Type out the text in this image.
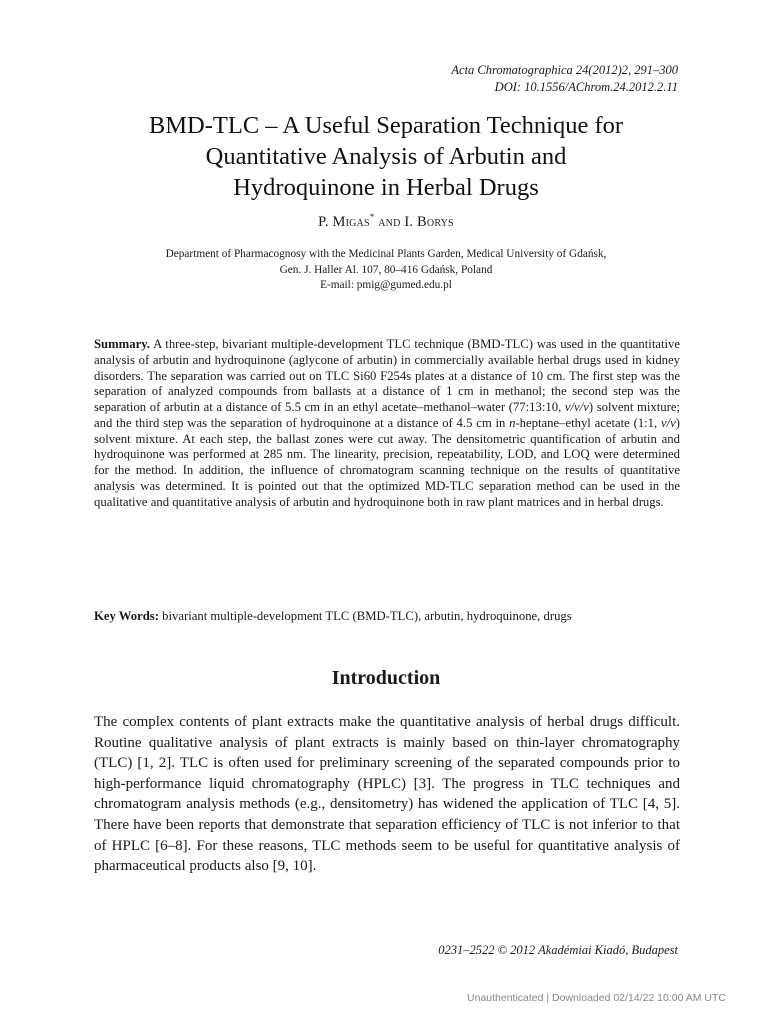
Acta Chromatographica 24(2012)2, 291–300
DOI: 10.1556/AChrom.24.2012.2.11
BMD-TLC – A Useful Separation Technique for
Quantitative Analysis of Arbutin and
Hydroquinone in Herbal Drugs
P. Migas* and I. Borys
Department of Pharmacognosy with the Medicinal Plants Garden, Medical University of Gdańsk,
Gen. J. Haller Al. 107, 80–416 Gdańsk, Poland
E-mail: pmig@gumed.edu.pl
Summary. A three-step, bivariant multiple-development TLC technique (BMD-TLC) was used in the quantitative analysis of arbutin and hydroquinone (aglycone of arbutin) in commercially available herbal drugs used in kidney disorders. The separation was carried out on TLC Si60 F254s plates at a distance of 10 cm. The first step was the separation of analyzed compounds from ballasts at a distance of 1 cm in methanol; the second step was the separation of arbutin at a distance of 5.5 cm in an ethyl acetate–methanol–water (77:13:10, v/v/v) solvent mixture; and the third step was the separation of hydroquinone at a distance of 4.5 cm in n-heptane–ethyl acetate (1:1, v/v) solvent mixture. At each step, the ballast zones were cut away. The densitometric quantification of arbutin and hydroquinone was performed at 285 nm. The linearity, precision, repeatability, LOD, and LOQ were determined for the method. In addition, the influence of chromatogram scanning technique on the results of quantitative analysis was determined. It is pointed out that the optimized MD-TLC separation method can be used in the qualitative and quantitative analysis of arbutin and hydroquinone both in raw plant matrices and in herbal drugs.
Key Words: bivariant multiple-development TLC (BMD-TLC), arbutin, hydroquinone, drugs
Introduction
The complex contents of plant extracts make the quantitative analysis of herbal drugs difficult. Routine qualitative analysis of plant extracts is mainly based on thin-layer chromatography (TLC) [1, 2]. TLC is often used for preliminary screening of the separated compounds prior to high-performance liquid chromatography (HPLC) [3]. The progress in TLC techniques and chromatogram analysis methods (e.g., densitometry) has widened the application of TLC [4, 5]. There have been reports that demonstrate that separation efficiency of TLC is not inferior to that of HPLC [6–8]. For these reasons, TLC methods seem to be useful for quantitative analysis of pharmaceutical products also [9, 10].
0231–2522 © 2012 Akadémiai Kiadó, Budapest
Unauthenticated | Downloaded 02/14/22 10:00 AM UTC
